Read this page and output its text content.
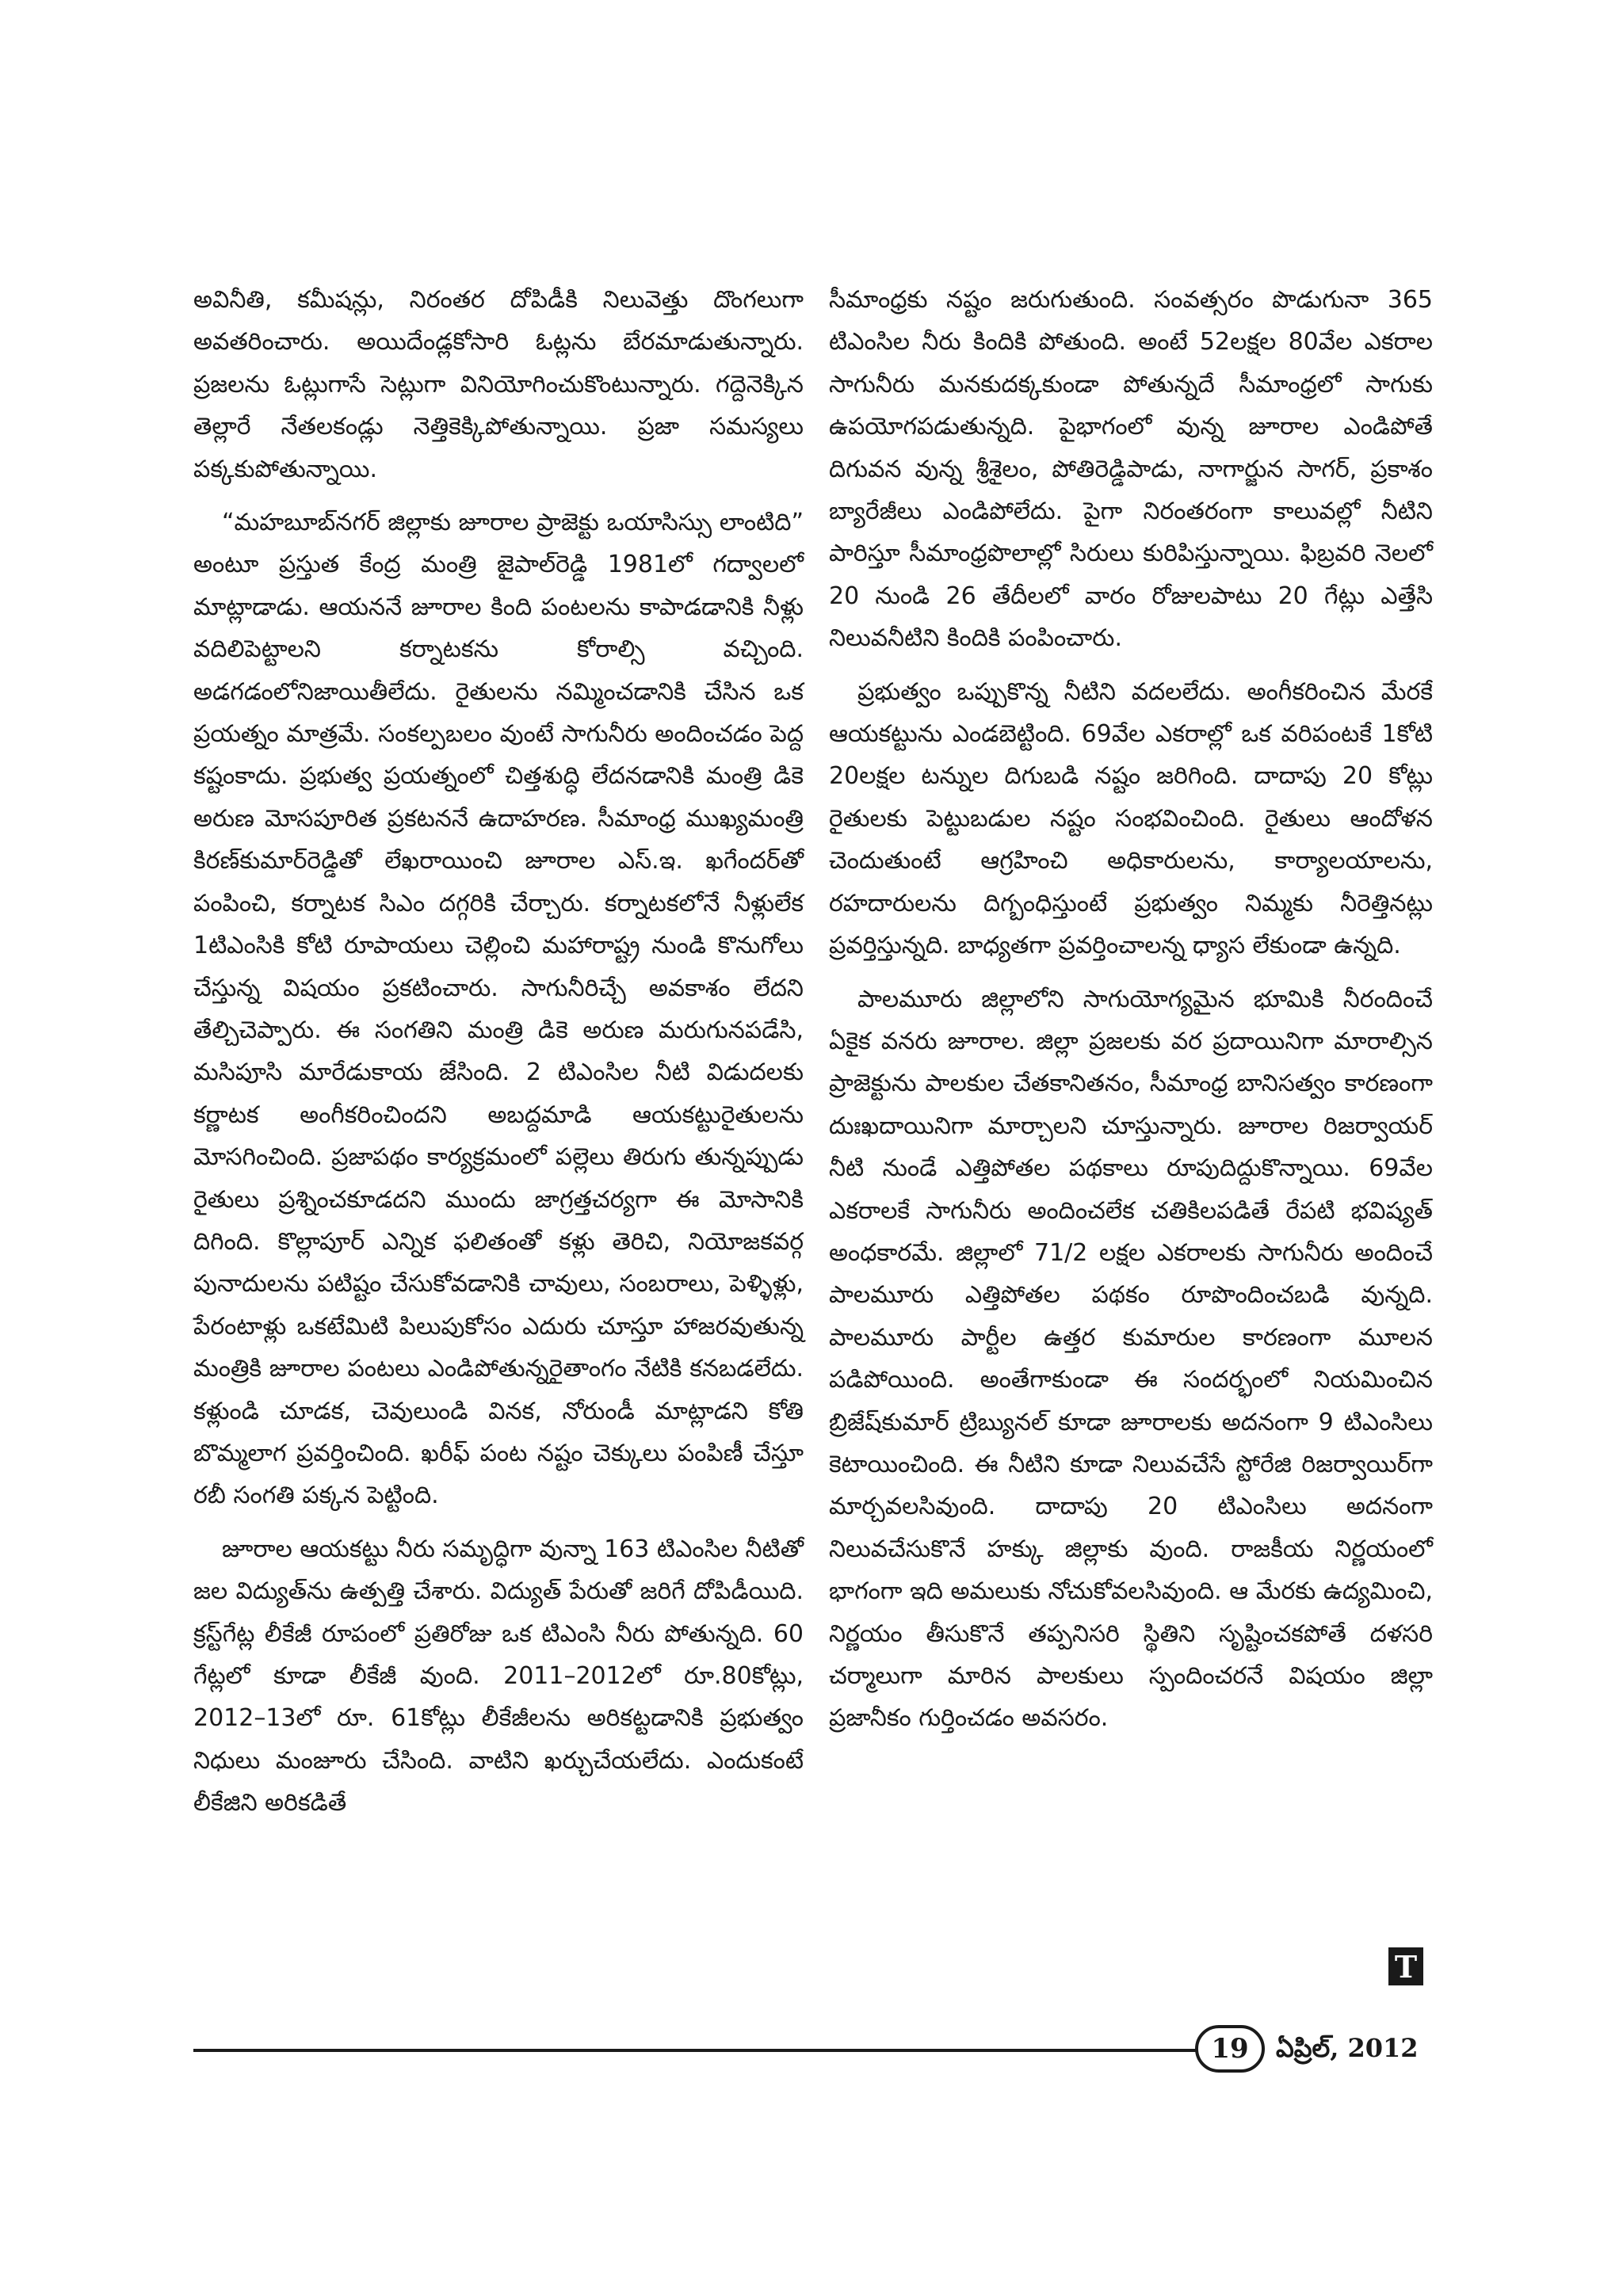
అవినీతి, కమీషన్లు, నిరంతర దోపిడీకి నిలువెత్తు దొంగలుగా అవతరించారు. అయిదేండ్లకోసారి ఓట్లను బేరమాడుతున్నారు. ప్రజలను ఓట్లుగాసే సెట్లుగా వినియోగించుకొంటున్నారు. గద్దెనెక్కిన తెల్లారే నేతలకండ్లు నెత్తికెక్కిపోతున్నాయి. ప్రజా సమస్యలు పక్కకుపోతున్నాయి.

“మహబూబ్‌నగర్ జిల్లాకు జూరాల ప్రాజెక్టు ఒయాసిస్సు లాంటిది” అంటూ ప్రస్తుత కేంద్ర మంత్రి జైపాల్‌రెడ్డి 1981లో గద్వాలలో మాట్లాడాడు. ఆయననే జూరాల కింది పంటలను కాపాడడానికి నీళ్లు వదిలిపెట్టాలని కర్నాటకను కోరాల్సి వచ్చింది. అడగడంలోనిజాయితీలేదు. రైతులను నమ్మించడానికి చేసిన ఒక ప్రయత్నం మాత్రమే. సంకల్పబలం వుంటే సాగునీరు అందించడం పెద్ద కష్టంకాదు. ప్రభుత్వ ప్రయత్నంలో చిత్తశుద్ధి లేదనడానికి మంత్రి డికె అరుణ మోసపూరిత ప్రకటననే ఉదాహరణ. సీమాంధ్ర ముఖ్యమంత్రి కిరణ్‌కుమార్‌రెడ్డితో లేఖరాయించి జూరాల ఎస్.ఇ. ఖగేందర్‌తో పంపించి, కర్నాటక సిఎం దగ్గరికి చేర్చారు. కర్నాటకలోనే నీళ్లులేక 1టిఎంసికి కోటి రూపాయలు చెల్లించి మహారాష్ట్ర నుండి కొనుగోలు చేస్తున్న విషయం ప్రకటించారు. సాగునీరిచ్చే అవకాశం లేదని తేల్చిచెప్పారు. ఈ సంగతిని మంత్రి డికె అరుణ మరుగునపడేసి, మసిపూసి మారేడుకాయ జేసింది. 2 టిఎంసిల నీటి విడుదలకు కర్ణాటక అంగీకరించిందని అబద్దమాడి ఆయకట్టురైతులను మోసగించింది. ప్రజాపథం కార్యక్రమంలో పల్లెలు తిరుగు తున్నప్పుడు రైతులు ప్రశ్నించకూడదని ముందు జాగ్రత్తచర్యగా ఈ మోసానికి దిగింది. కొల్లాపూర్ ఎన్నిక ఫలితంతో కళ్లు తెరిచి, నియోజకవర్గ పునాదులను పటిష్టం చేసుకోవడానికి చావులు, సంబరాలు, పెళ్ళిళ్లు, పేరంటాళ్లు ఒకటేమిటి పిలుపుకోసం ఎదురు చూస్తూ హాజరవుతున్న మంత్రికి జూరాల పంటలు ఎండిపోతున్నరైతాంగం నేటికి కనబడలేదు. కళ్లుండి చూడక, చెవులుండి వినక, నోరుండీ మాట్లాడని కోతి బొమ్మలాగ ప్రవర్తించింది. ఖరీఫ్ పంట నష్టం చెక్కులు పంపిణీ చేస్తూ రబీ సంగతి పక్కన పెట్టింది.

జూరాల ఆయకట్టు నీరు సమృద్ధిగా వున్నా 163 టిఎంసిల నీటితో జల విద్యుత్‌ను ఉత్పత్తి చేశారు. విద్యుత్ పేరుతో జరిగే దోపిడీయిది. క్రస్ట్‌గేట్ల లీకేజీ రూపంలో ప్రతిరోజు ఒక టిఎంసి నీరు పోతున్నది. 60 గేట్లలో కూడా లీకేజీ వుంది. 2011–2012లో రూ.80కోట్లు, 2012–13లో రూ. 61కోట్లు లీకేజీలను అరికట్టడానికి ప్రభుత్వం నిధులు మంజూరు చేసింది. వాటిని ఖర్చుచేయలేదు. ఎందుకంటే లీకేజిని అరికడితే

సీమాంధ్రకు నష్టం జరుగుతుంది. సంవత్సరం పొడుగునా 365 టిఎంసిల నీరు కిందికి పోతుంది. అంటే 52లక్షల 80వేల ఎకరాల సాగునీరు మనకుదక్కకుండా పోతున్నదే సీమాంధ్రలో సాగుకు ఉపయోగపడుతున్నది. పైభాగంలో వున్న జూరాల ఎండిపోతే దిగువన వున్న శ్రీశైలం, పోతిరెడ్డిపాడు, నాగార్జున సాగర్, ప్రకాశం బ్యారేజీలు ఎండిపోలేదు. పైగా నిరంతరంగా కాలువల్లో నీటిని పారిస్తూ సీమాంధ్రపొలాల్లో సిరులు కురిపిస్తున్నాయి. ఫిబ్రవరి నెలలో 20 నుండి 26 తేదీలలో వారం రోజులపాటు 20 గేట్లు ఎత్తేసి నిలువనీటిని కిందికి పంపించారు.

ప్రభుత్వం ఒప్పుకొన్న నీటిని వదలలేదు. అంగీకరించిన మేరకే ఆయకట్టును ఎండబెట్టింది. 69వేల ఎకరాల్లో ఒక వరిపంటకే 1కోటి 20లక్షల టన్నుల దిగుబడి నష్టం జరిగింది. దాదాపు 20 కోట్లు రైతులకు పెట్టుబడుల నష్టం సంభవించింది. రైతులు ఆందోళన చెందుతుంటే ఆగ్రహించి అధికారులను, కార్యాలయాలను, రహదారులను దిగ్బంధిస్తుంటే ప్రభుత్వం నిమ్మకు నీరెత్తినట్లు ప్రవర్తిస్తున్నది. బాధ్యతగా ప్రవర్తించాలన్న ధ్యాస లేకుండా ఉన్నది.

పాలమూరు జిల్లాలోని సాగుయోగ్యమైన భూమికి నీరందించే ఏకైక వనరు జూరాల. జిల్లా ప్రజలకు వర ప్రదాయినిగా మారాల్సిన ప్రాజెక్టును పాలకుల చేతకానితనం, సీమాంధ్ర బానిసత్వం కారణంగా దుఃఖదాయినిగా మార్చాలని చూస్తున్నారు. జూరాల రిజర్వాయర్ నీటి నుండే ఎత్తిపోతల పథకాలు రూపుదిద్దుకొన్నాయి. 69వేల ఎకరాలకే సాగునీరు అందించలేక చతికిలపడితే రేపటి భవిష్యత్ అంధకారమే. జిల్లాలో 71/2 లక్షల ఎకరాలకు సాగునీరు అందించే పాలమూరు ఎత్తిపోతల పథకం రూపొందించబడి వున్నది. పాలమూరు పార్టీల ఉత్తర కుమారుల కారణంగా మూలన పడిపోయింది. అంతేగాకుండా ఈ సందర్భంలో నియమించిన బ్రిజేష్‌కుమార్ ట్రిబ్యునల్ కూడా జూరాలకు అదనంగా 9 టిఎంసిలు కెటాయించింది. ఈ నీటిని కూడా నిలువచేసే స్టోరేజి రిజర్వాయిర్‌గా మార్చవలసివుంది. దాదాపు 20 టిఎంసిలు అదనంగా నిలువచేసుకొనే హక్కు జిల్లాకు వుంది. రాజకీయ నిర్ణయంలో భాగంగా ఇది అమలుకు నోచుకోవలసివుంది. ఆ మేరకు ఉద్యమించి, నిర్ణయం తీసుకొనే తప్పనిసరి స్థితిని సృష్టించకపోతే దళసరి చర్మాలుగా మారిన పాలకులు స్పందించరనే విషయం జిల్లా ప్రజానీకం గుర్తించడం అవసరం.

T
19	ఏప్రిల్, 2012
